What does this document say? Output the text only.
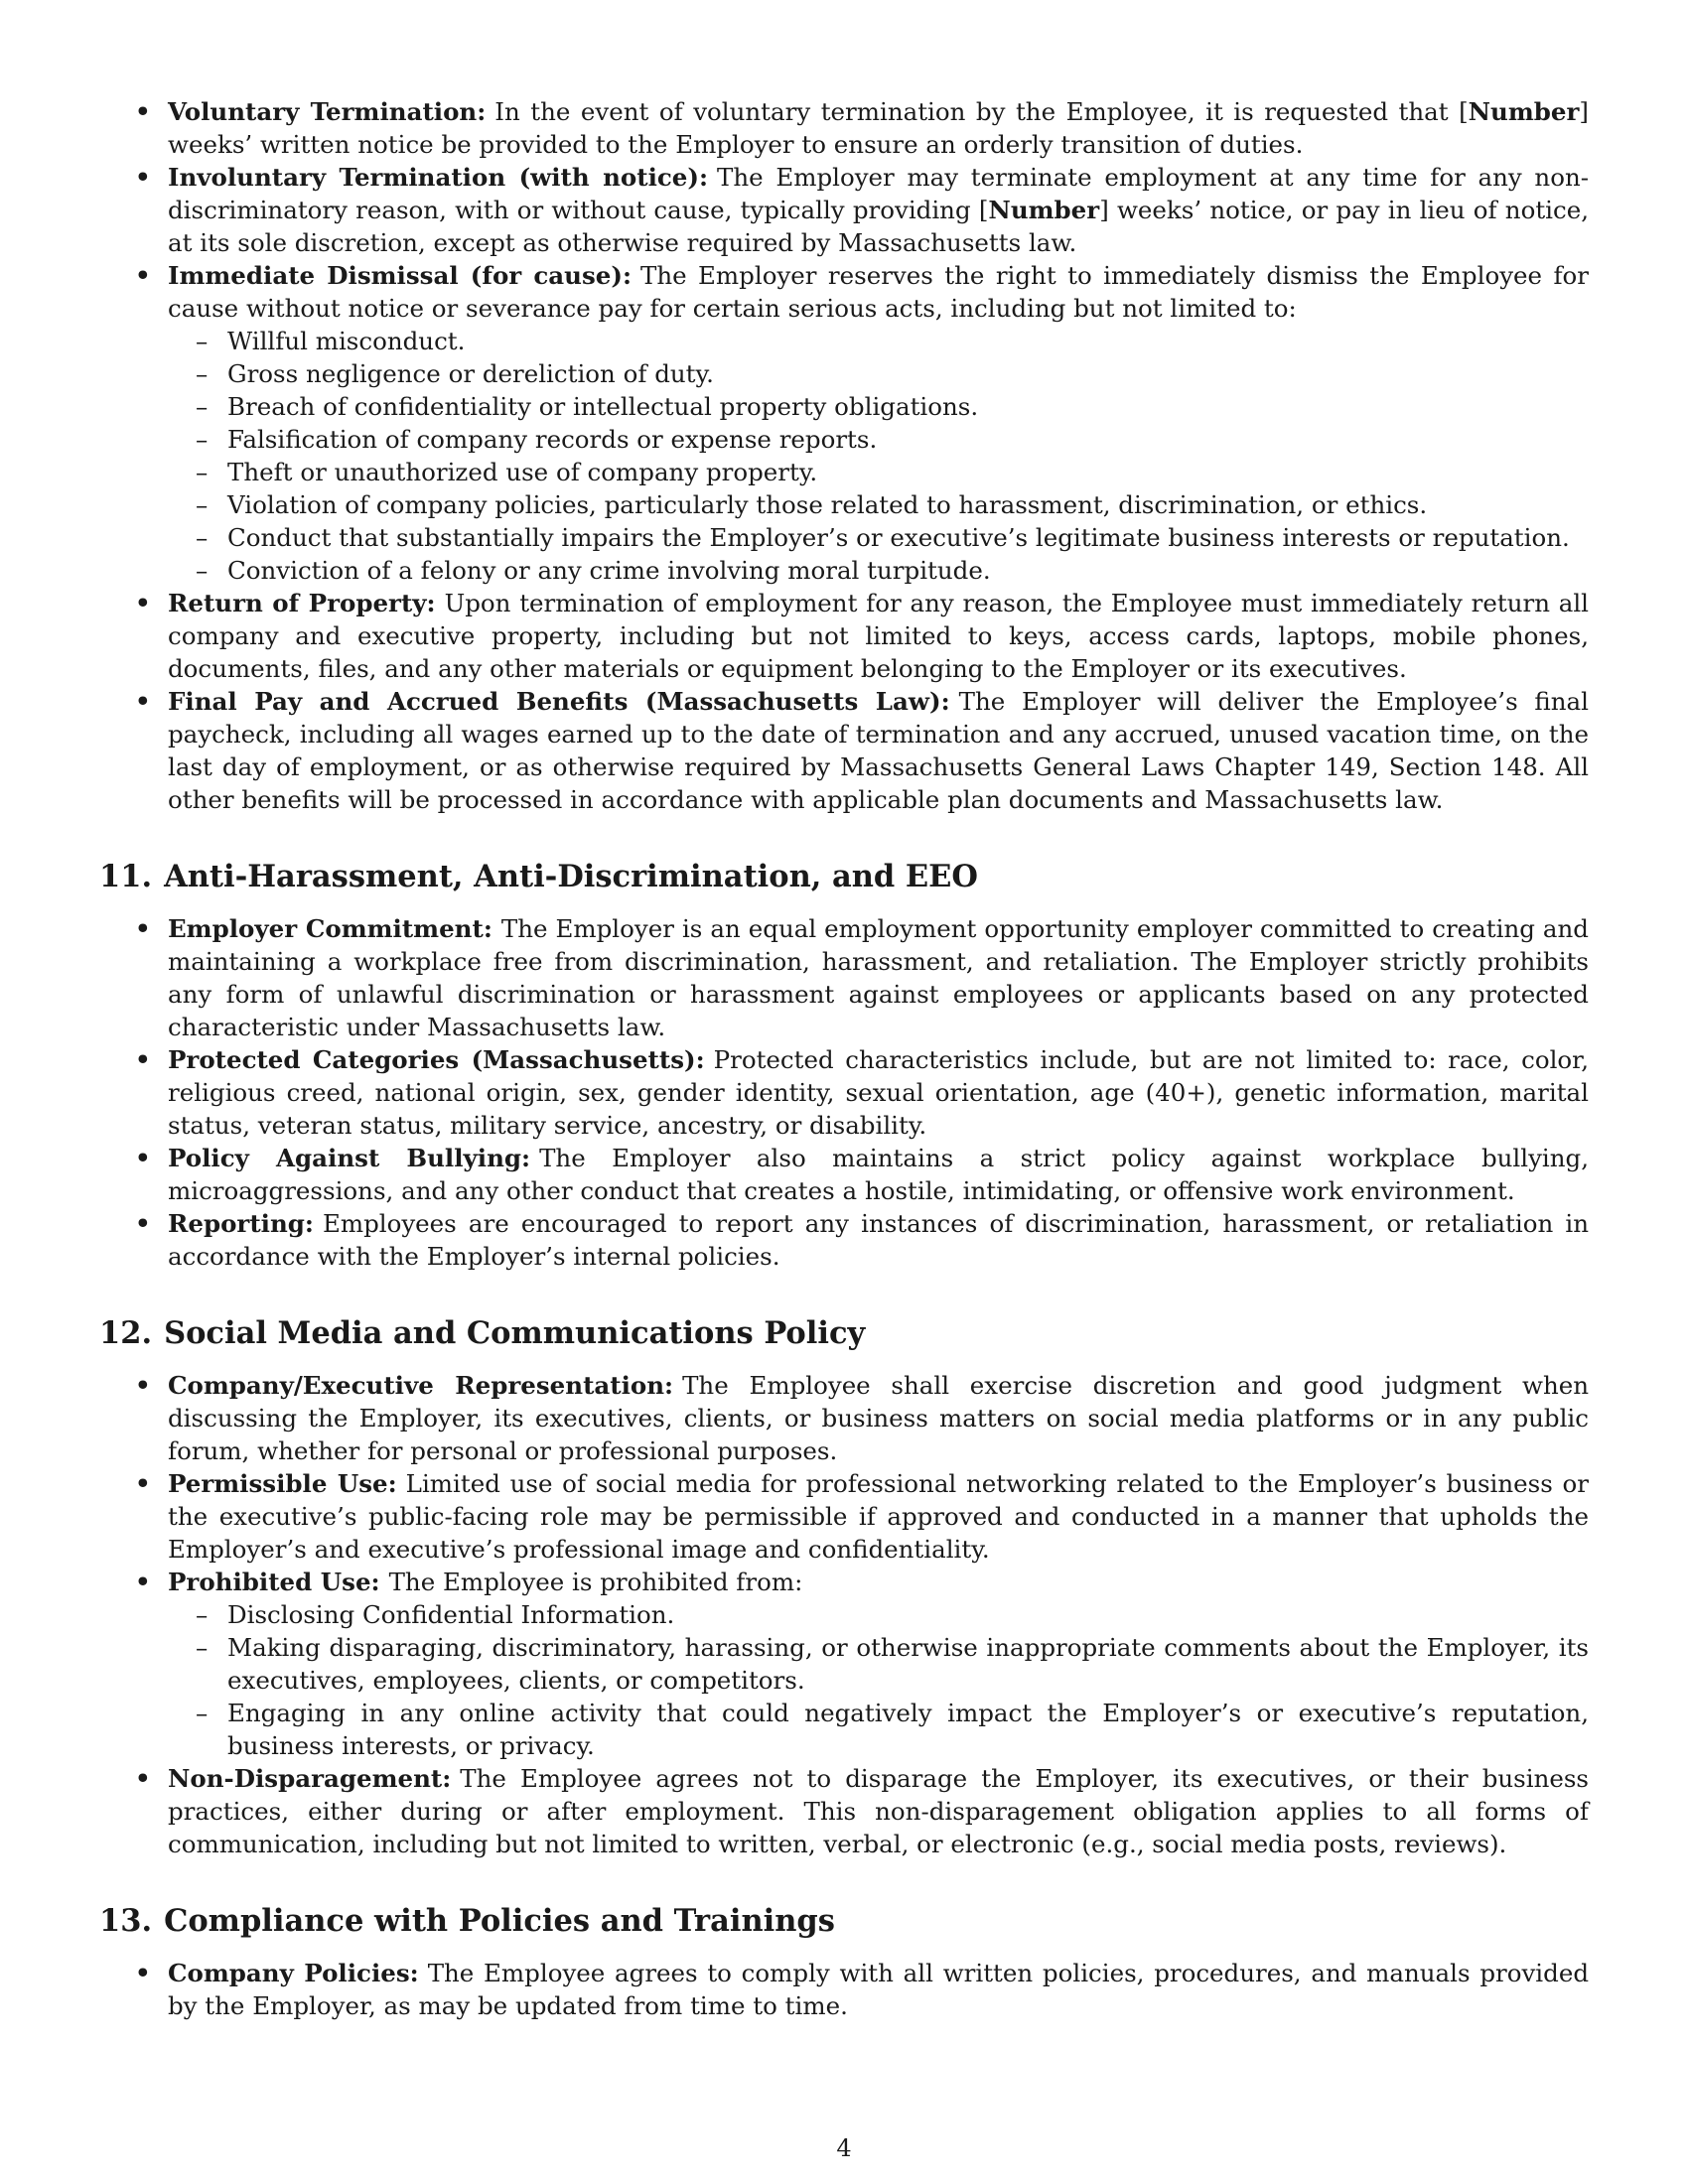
• Voluntary Termination: In the event of voluntary termination by the Employee, it is requested that [Number] weeks’ written notice be provided to the Employer to ensure an orderly transition of duties.
• Involuntary Termination (with notice): The Employer may terminate employment at any time for any non-discriminatory reason, with or without cause, typically providing [Number] weeks’ notice, or pay in lieu of notice, at its sole discretion, except as otherwise required by Massachusetts law.
• Immediate Dismissal (for cause): The Employer reserves the right to immediately dismiss the Employee for cause without notice or severance pay for certain serious acts, including but not limited to:
– Willful misconduct.
– Gross negligence or dereliction of duty.
– Breach of confidentiality or intellectual property obligations.
– Falsification of company records or expense reports.
– Theft or unauthorized use of company property.
– Violation of company policies, particularly those related to harassment, discrimination, or ethics.
– Conduct that substantially impairs the Employer’s or executive’s legitimate business interests or reputation.
– Conviction of a felony or any crime involving moral turpitude.
• Return of Property: Upon termination of employment for any reason, the Employee must immediately return all company and executive property, including but not limited to keys, access cards, laptops, mobile phones, documents, files, and any other materials or equipment belonging to the Employer or its executives.
• Final Pay and Accrued Benefits (Massachusetts Law): The Employer will deliver the Employee’s final paycheck, including all wages earned up to the date of termination and any accrued, unused vacation time, on the last day of employment, or as otherwise required by Massachusetts General Laws Chapter 149, Section 148. All other benefits will be processed in accordance with applicable plan documents and Massachusetts law.
11. Anti-Harassment, Anti-Discrimination, and EEO
• Employer Commitment: The Employer is an equal employment opportunity employer committed to creating and maintaining a workplace free from discrimination, harassment, and retaliation. The Employer strictly prohibits any form of unlawful discrimination or harassment against employees or applicants based on any protected characteristic under Massachusetts law.
• Protected Categories (Massachusetts): Protected characteristics include, but are not limited to: race, color, religious creed, national origin, sex, gender identity, sexual orientation, age (40+), genetic information, marital status, veteran status, military service, ancestry, or disability.
• Policy Against Bullying: The Employer also maintains a strict policy against workplace bullying, microaggressions, and any other conduct that creates a hostile, intimidating, or offensive work environment.
• Reporting: Employees are encouraged to report any instances of discrimination, harassment, or retaliation in accordance with the Employer’s internal policies.
12. Social Media and Communications Policy
• Company/Executive Representation: The Employee shall exercise discretion and good judgment when discussing the Employer, its executives, clients, or business matters on social media platforms or in any public forum, whether for personal or professional purposes.
• Permissible Use: Limited use of social media for professional networking related to the Employer’s business or the executive’s public-facing role may be permissible if approved and conducted in a manner that upholds the Employer’s and executive’s professional image and confidentiality.
• Prohibited Use: The Employee is prohibited from:
– Disclosing Confidential Information.
– Making disparaging, discriminatory, harassing, or otherwise inappropriate comments about the Employer, its executives, employees, clients, or competitors.
– Engaging in any online activity that could negatively impact the Employer’s or executive’s reputation, business interests, or privacy.
• Non-Disparagement: The Employee agrees not to disparage the Employer, its executives, or their business practices, either during or after employment. This non-disparagement obligation applies to all forms of communication, including but not limited to written, verbal, or electronic (e.g., social media posts, reviews).
13. Compliance with Policies and Trainings
• Company Policies: The Employee agrees to comply with all written policies, procedures, and manuals provided by the Employer, as may be updated from time to time.
4
